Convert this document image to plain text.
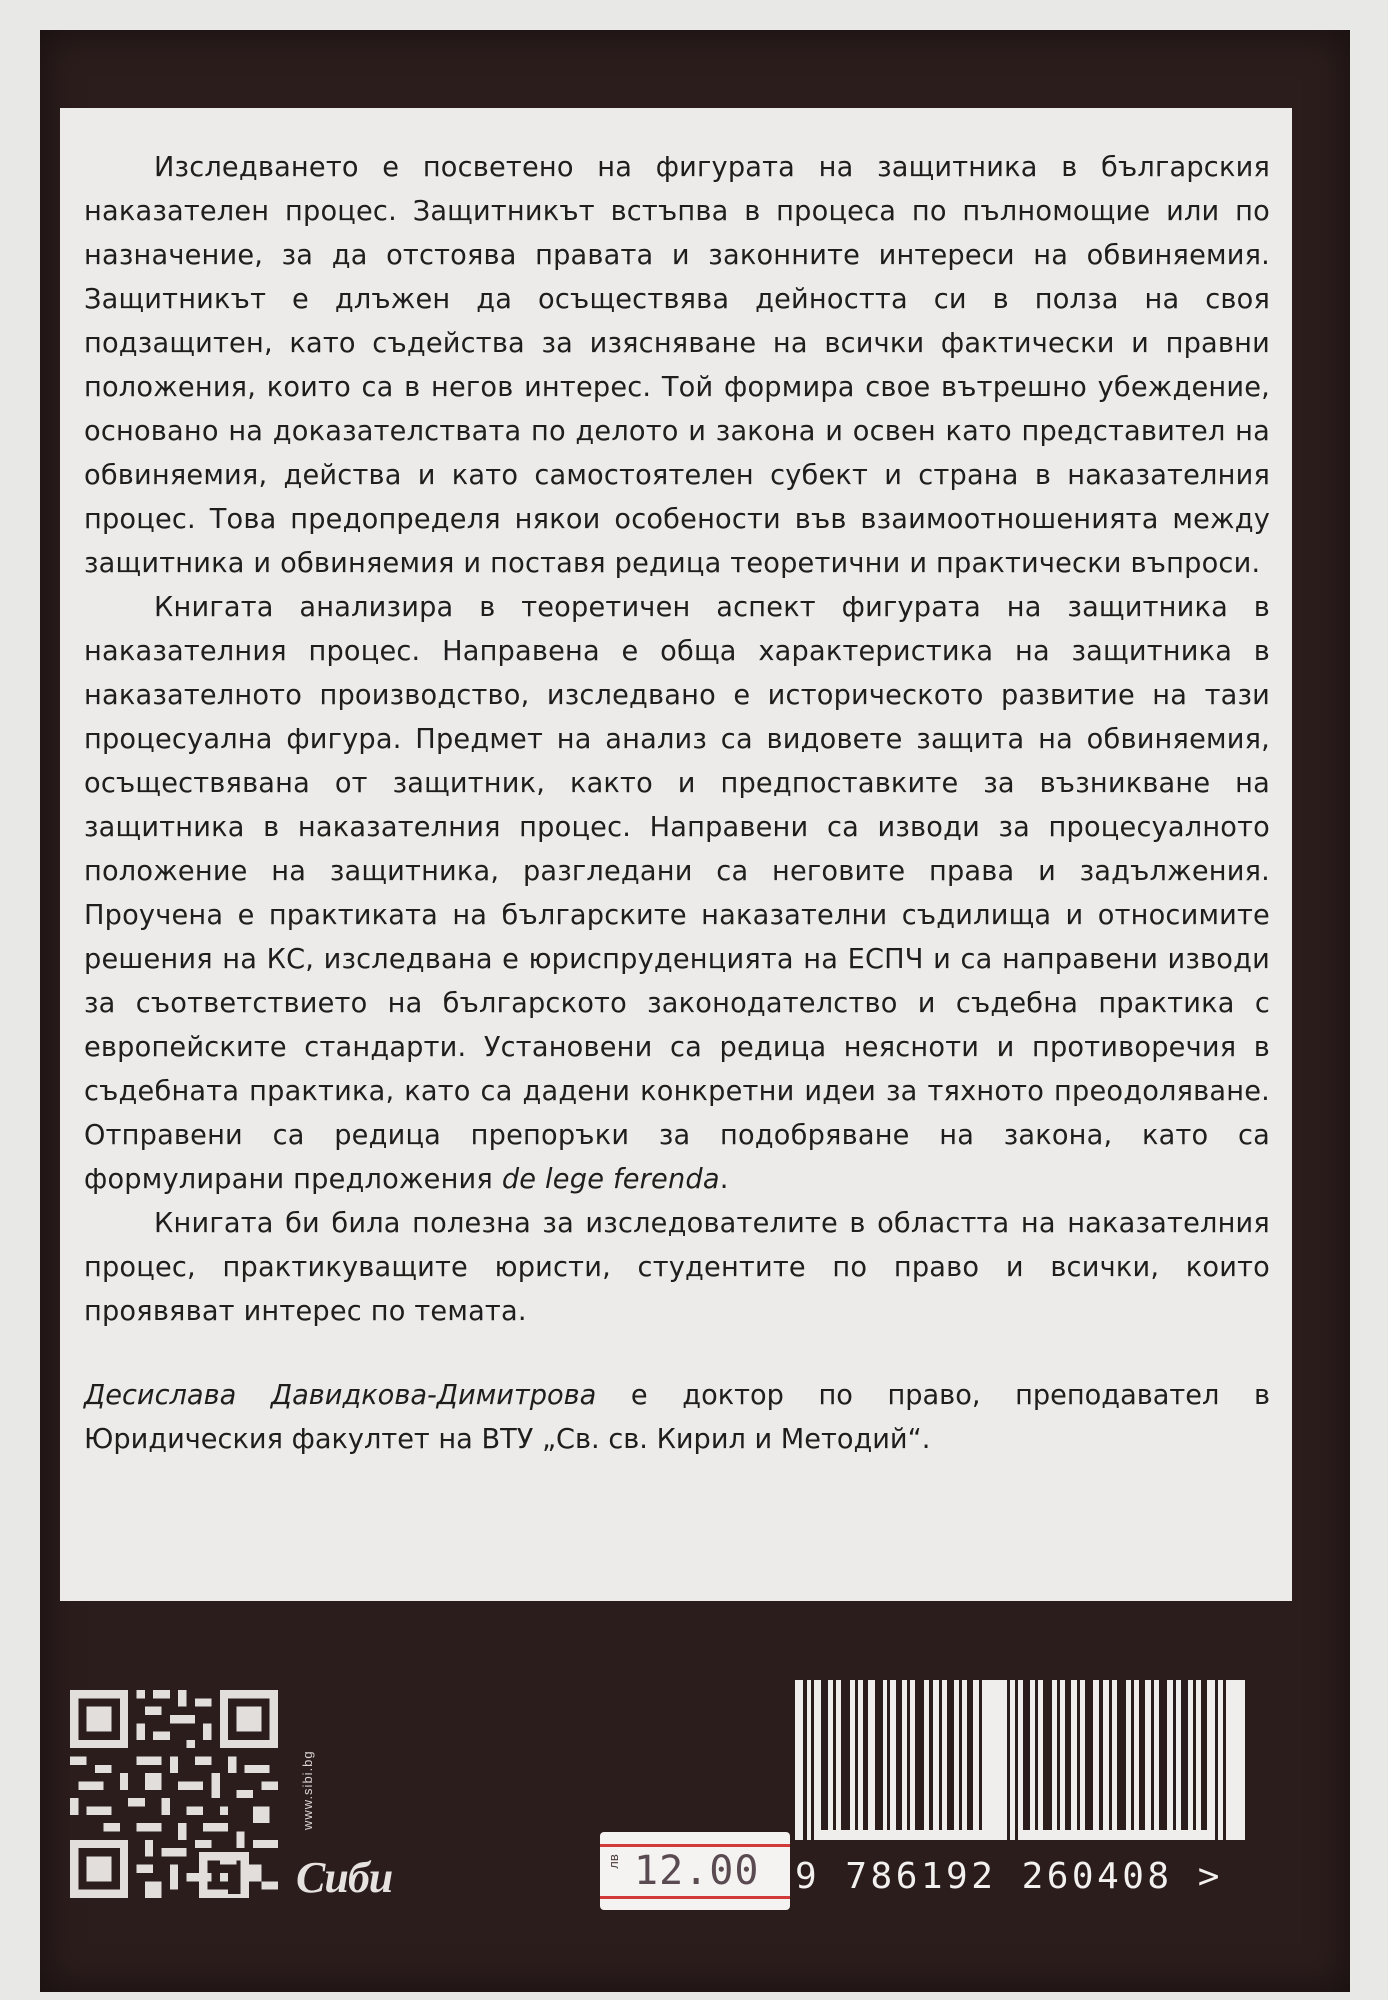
Изследването е посветено на фигурата на защитника в българския наказателен процес. Защитникът встъпва в процеса по пълномощие или по назначение, за да отстоява правата и законните интереси на обвиняемия. Защитникът е длъжен да осъществява дейността си в полза на своя подзащитен, като съдейства за изясняване на всички фактически и правни положения, които са в негов интерес. Той формира свое вътрешно убеждение, основано на доказателствата по делото и закона и освен като представител на обвиняемия, действа и като самостоятелен субект и страна в наказателния процес. Това предопределя някои особености във взаимоотношенията между защитника и обвиняемия и поставя редица теоретични и практически въпроси.

Книгата анализира в теоретичен аспект фигурата на защитника в наказателния процес. Направена е обща характеристика на защитника в наказателното производство, изследвано е историческото развитие на тази процесуална фигура. Предмет на анализ са видовете защита на обвиняемия, осъществявана от защитник, както и предпоставките за възникване на защитника в наказателния процес. Направени са изводи за процесуалното положение на защитника, разгледани са неговите права и задължения. Проучена е практиката на българските наказателни съдилища и относимите решения на КС, изследвана е юриспруденцията на ЕСПЧ и са направени изводи за съответствието на българското законодателство и съдебна практика с европейските стандарти. Установени са редица неясноти и противоречия в съдебната практика, като са дадени конкретни идеи за тяхното преодоляване. Отправени са редица препоръки за подобряване на закона, като са формулирани предложения de lege ferenda.

Книгата би била полезна за изследователите в областта на наказателния процес, практикуващите юристи, студентите по право и всички, които проявяват интерес по темата.

Десислава Давидкова-Димитрова е доктор по право, преподавател в Юридическия факултет на ВТУ „Св. св. Кирил и Методий“.

www.sibi.bg
Сиби	9 786192 260408 >
лв 12.00
